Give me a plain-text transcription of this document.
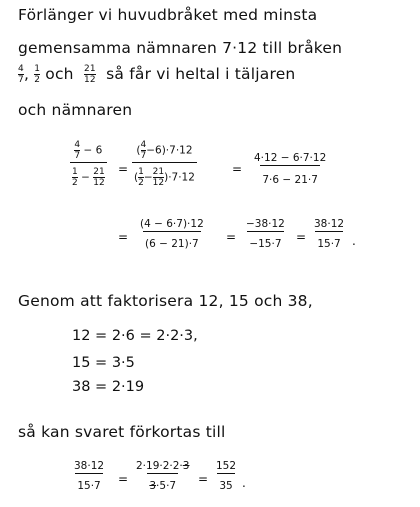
Förlänger vi huvudbråket med minsta
gemensamma nämnaren 7·12 till bråken
$\frac{4}{7}$ , $\frac{1}{2}$ och $\frac{21}{12}$ så får vi heltal i täljaren
och nämnaren
$\frac{\frac{4}{7} - 6}{\frac{1}{2} - \frac{21}{12}} = \frac{( \frac{4}{7} -6)\cdot 7\cdot 12}{( \frac{1}{2} - \frac{21}{12} )\cdot 7\cdot 12}$	= $\frac{4\cdot 12 - 6\cdot 7\cdot 12}{7\cdot 6 - 21\cdot 7}$
= $\frac{(4 - 6\cdot 7)\cdot 12}{(6 - 21)\cdot 7} = \frac{-38\cdot 12}{-15\cdot 7} = \frac{38\cdot 12}{15\cdot 7}$ .
Genom att faktorisera 12, 15 och 38,
12 = 2·6 = 2·2·3,
15 = 3·5
38 = 2·19
så kan svaret förkortas till
$\frac{38\cdot 12}{15\cdot 7} = \frac{2\cdot 19\cdot 2\cdot 2\cdot 3}{3\cdot 5\cdot 7} = \frac{152}{35}$ .
